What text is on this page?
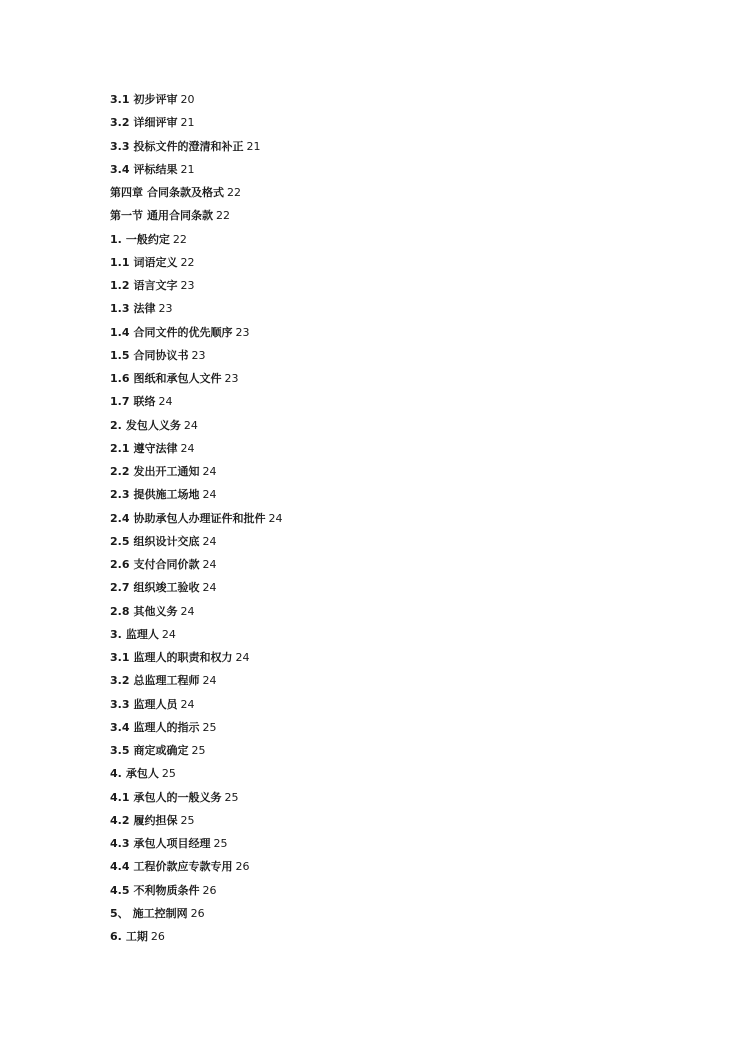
3.1 初步评审 20
3.2 详细评审 21
3.3 投标文件的澄清和补正 21
3.4 评标结果 21
第四章 合同条款及格式 22
第一节 通用合同条款 22
1. 一般约定 22
1.1 词语定义 22
1.2 语言文字 23
1.3 法律 23
1.4 合同文件的优先顺序 23
1.5 合同协议书 23
1.6 图纸和承包人文件 23
1.7 联络 24
2. 发包人义务 24
2.1 遵守法律 24
2.2 发出开工通知 24
2.3 提供施工场地 24
2.4 协助承包人办理证件和批件 24
2.5 组织设计交底 24
2.6 支付合同价款 24
2.7 组织竣工验收 24
2.8 其他义务 24
3. 监理人 24
3.1 监理人的职责和权力 24
3.2 总监理工程师 24
3.3 监理人员 24
3.4 监理人的指示 25
3.5 商定或确定 25
4. 承包人 25
4.1 承包人的一般义务 25
4.2 履约担保 25
4.3 承包人项目经理 25
4.4 工程价款应专款专用 26
4.5 不利物质条件 26
5、 施工控制网 26
6. 工期 26
